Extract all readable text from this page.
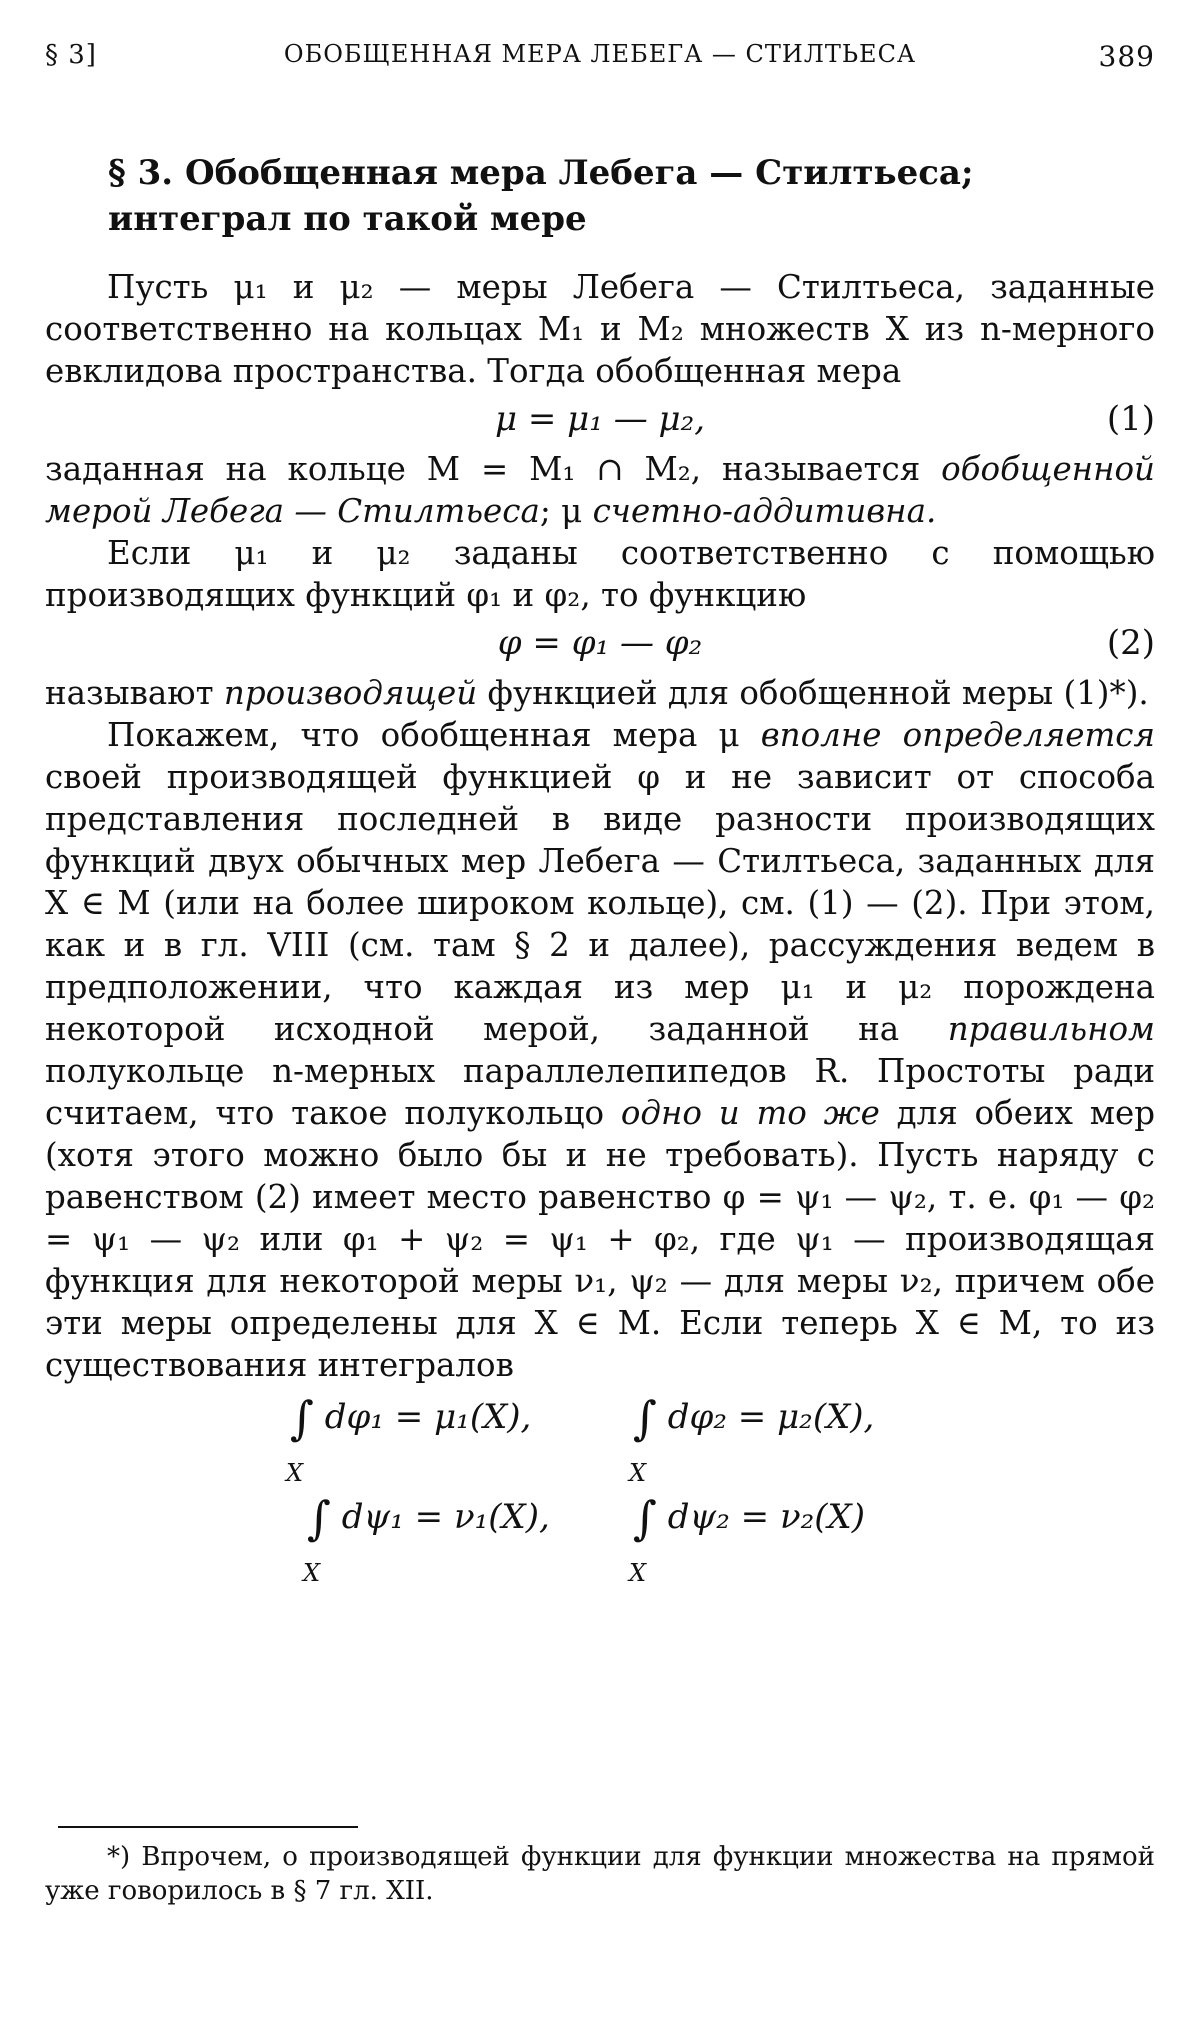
§ 3]	ОБОБЩЕННАЯ МЕРА ЛЕБЕГА — СТИЛТЬЕСА	389
§ 3. Обобщенная мера Лебега — Стилтьеса;
интеграл по такой мере

Пусть μ₁ и μ₂ — меры Лебега — Стилтьеса, заданные соответственно на кольцах M₁ и M₂ множеств X из n-мерного евклидова пространства. Тогда обобщенная мера

μ = μ₁ — μ₂,	(1)

заданная на кольце M = M₁ ∩ M₂, называется обобщенной мерой Лебега — Стилтьеса; μ счетно-аддитивна.

Если μ₁ и μ₂ заданы соответственно с помощью производящих функций φ₁ и φ₂, то функцию

φ = φ₁ — φ₂	(2)

называют производящей функцией для обобщенной меры (1)*).

Покажем, что обобщенная мера μ вполне определяется своей производящей функцией φ и не зависит от способа представления последней в виде разности производящих функций двух обычных мер Лебега — Стилтьеса, заданных для X ∈ M (или на более широком кольце), см. (1) — (2). При этом, как и в гл. VIII (см. там § 2 и далее), рассуждения ведем в предположении, что каждая из мер μ₁ и μ₂ порождена некоторой исходной мерой, заданной на правильном полукольце n-мерных параллелепипедов R. Простоты ради считаем, что такое полукольцо одно и то же для обеих мер (хотя этого можно было бы и не требовать). Пусть наряду с равенством (2) имеет место равенство φ = ψ₁ — ψ₂, т. е. φ₁ — φ₂ = ψ₁ — ψ₂ или φ₁ + ψ₂ = ψ₁ + φ₂, где ψ₁ — производящая функция для некоторой меры ν₁, ψ₂ — для меры ν₂, причем обе эти меры определены для X ∈ M. Если теперь X ∈ M, то из существования интегралов

∫
X
dφ₁ = μ₁(X), ∫
X
dφ₂ = μ₂(X),
∫
X
dψ₁ = ν₁(X), ∫
X
dψ₂ = ν₂(X)

*) Впрочем, о производящей функции для функции множества на прямой уже говорилось в § 7 гл. XII.
